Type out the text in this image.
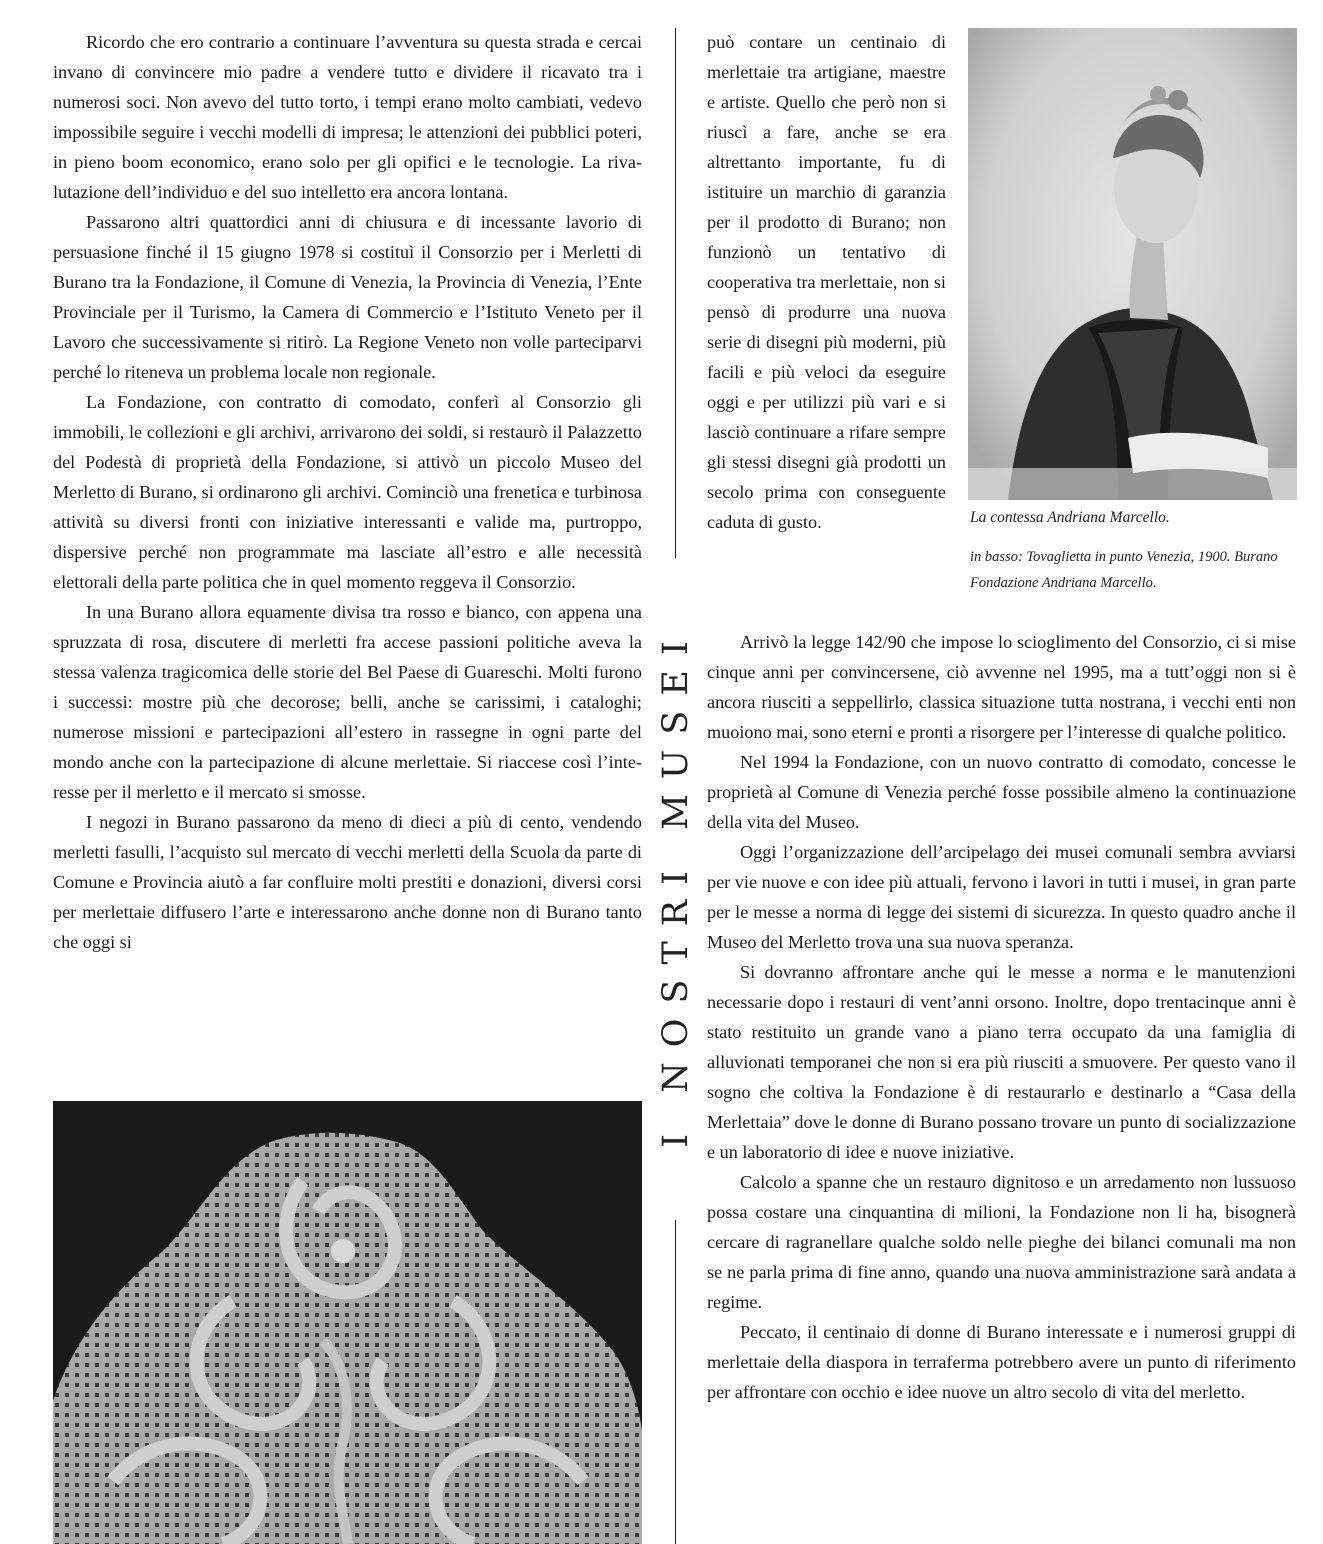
Ricordo che ero contrario a continuare l’avventura su questa strada e cercai invano di convincere mio padre a vendere tutto e dividere il ricavato tra i numerosi soci. Non avevo del tutto torto, i tempi erano molto cambiati, vedevo impossibile seguire i vecchi modelli di impresa; le attenzioni dei pubblici poteri, in pieno boom economico, erano solo per gli opifici e le tecnologie. La rivalutazione dell’individuo e del suo intelletto era ancora lontana.

Passarono altri quattordici anni di chiusura e di incessante lavorio di persuasione finché il 15 giugno 1978 si costituì il Consorzio per i Merletti di Burano tra la Fondazione, il Comune di Venezia, la Provincia di Venezia, l’Ente Provinciale per il Turismo, la Camera di Commercio e l’Istituto Veneto per il Lavoro che successivamente si ritirò. La Regione Veneto non volle parteciparvi perché lo riteneva un problema locale non regionale.

La Fondazione, con contratto di comodato, conferì al Consorzio gli immobili, le collezioni e gli archivi, arrivarono dei soldi, si restaurò il Palazzetto del Podestà di proprietà della Fondazione, si attivò un piccolo Museo del Merletto di Burano, si ordinarono gli archivi. Cominciò una frenetica e turbinosa attività su diversi fronti con iniziative interessanti e valide ma, purtroppo, dispersive perché non programmate ma lasciate all’estro e alle necessità elettorali della parte politica che in quel momento reggeva il Consorzio.

In una Burano allora equamente divisa tra rosso e bianco, con appena una spruzzata di rosa, discutere di merletti fra accese passioni politiche aveva la stessa valenza tragicomica delle storie del Bel Paese di Guareschi. Molti furono i successi: mostre più che decorose; belli, anche se carissimi, i cataloghi; numerose missioni e partecipazioni all’estero in rassegne in ogni parte del mondo anche con la partecipazione di alcune merlettaie. Si riaccese così l’interesse per il merletto e il mercato si smosse.

I negozi in Burano passarono da meno di dieci a più di cento, vendendo merletti fasulli, l’acquisto sul mercato di vecchi merletti della Scuola da parte di Comune e Provincia aiutò a far confluire molti prestiti e donazioni, diversi corsi per merlettaie diffusero l’arte e interessarono anche donne non di Burano tanto che oggi si	I NOSTRI MUSEI

può contare un centinaio di merlettaie tra artigiane, maestre e artiste. Quello che però non si riuscì a fare, anche se era altrettanto importante, fu di istituire un marchio di garanzia per il prodotto di Burano; non funzionò un tentativo di cooperativa tra merlettaie, non si pensò di produrre una nuova serie di disegni più moderni, più facili e più veloci da eseguire oggi e per utilizzi più vari e si lasciò continuare a rifare sempre gli stessi disegni già prodotti un secolo prima con conseguente caduta di gusto.	La contessa Andriana Marcello.
in basso: Tovaglietta in punto Venezia, 1900. Burano Fondazione Andriana Marcello.

Arrivò la legge 142/90 che impose lo scioglimento del Consorzio, ci si mise cinque anni per convincersene, ciò avvenne nel 1995, ma a tutt’oggi non si è ancora riusciti a seppellirlo, classica situazione tutta nostrana, i vecchi enti non muoiono mai, sono eterni e pronti a risorgere per l’interesse di qualche politico.

Nel 1994 la Fondazione, con un nuovo contratto di comodato, concesse le proprietà al Comune di Venezia perché fosse possibile almeno la continuazione della vita del Museo.

Oggi l’organizzazione dell’arcipelago dei musei comunali sembra avviarsi per vie nuove e con idee più attuali, fervono i lavori in tutti i musei, in gran parte per le messe a norma di legge dei sistemi di sicurezza. In questo quadro anche il Museo del Merletto trova una sua nuova speranza.

Si dovranno affrontare anche qui le messe a norma e le manutenzioni necessarie dopo i restauri di vent’anni orsono. Inoltre, dopo trentacinque anni è stato restituito un grande vano a piano terra occupato da una famiglia di alluvionati temporanei che non si era più riusciti a smuovere. Per questo vano il sogno che coltiva la Fondazione è di restaurarlo e destinarlo a “Casa della Merlettaia” dove le donne di Burano possano trovare un punto di socializzazione e un laboratorio di idee e nuove iniziative.

Calcolo a spanne che un restauro dignitoso e un arredamento non lussuoso possa costare una cinquantina di milioni, la Fondazione non li ha, bisognerà cercare di ragranellare qualche soldo nelle pieghe dei bilanci comunali ma non se ne parla prima di fine anno, quando una nuova amministrazione sarà andata a regime.

Peccato, il centinaio di donne di Burano interessate e i numerosi gruppi di merlettaie della diaspora in terraferma potrebbero avere un punto di riferimento per affrontare con occhio e idee nuove un altro secolo di vita del merletto.
